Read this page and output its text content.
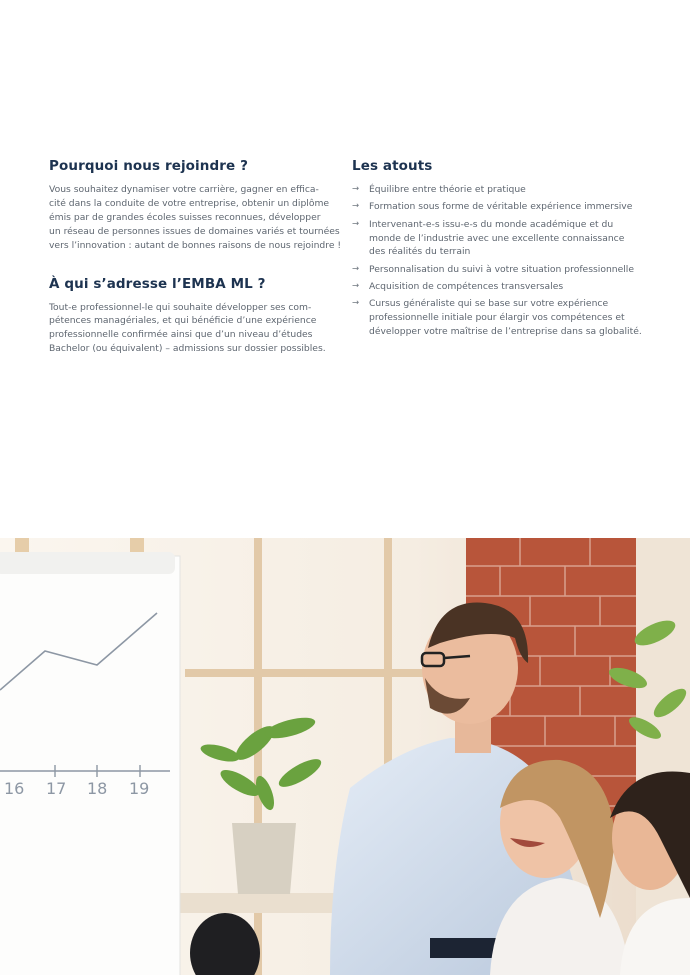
Pourquoi nous rejoindre ?

Vous souhaitez dynamiser votre carrière, gagner en effica-
cité dans la conduite de votre entreprise, obtenir un diplôme
émis par de grandes écoles suisses reconnues, développer
un réseau de personnes issues de domaines variés et tournées
vers l’innovation : autant de bonnes raisons de nous rejoindre !

À qui s’adresse l’EMBA ML ?

Tout-e professionnel-le qui souhaite développer ses com-
pétences managériales, et qui bénéficie d’une expérience
professionnelle confirmée ainsi que d’un niveau d’études
Bachelor (ou équivalent) – admissions sur dossier possibles.

Les atouts
→ Équilibre entre théorie et pratique
→ Formation sous forme de véritable expérience immersive
→ Intervenant-e-s issu-e-s du monde académique et du
monde de l’industrie avec une excellente connaissance
des réalités du terrain
→ Personnalisation du suivi à votre situation professionnelle
→ Acquisition de compétences transversales
→ Cursus généraliste qui se base sur votre expérience
professionnelle initiale pour élargir vos compétences et
développer votre maîtrise de l’entreprise dans sa globalité.
16 17 18 19
